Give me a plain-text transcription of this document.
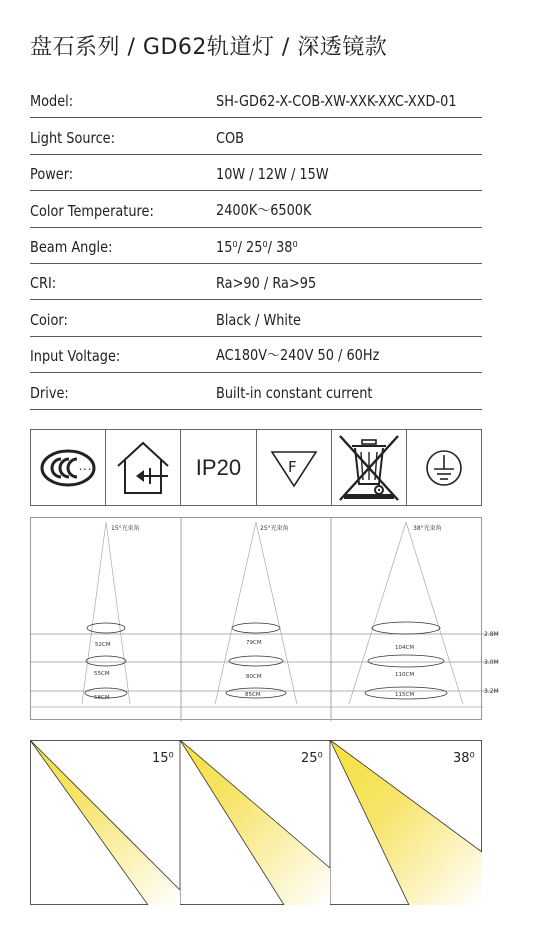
盘石系列 / GD62轨道灯 / 深透镜款
Model:	SH-GD62-X-COB-XW-XXK-XXC-XXD-01
Light Source:	COB
Power:	10W / 12W / 15W
Color Temperature:	2400K～6500K
Beam Angle:	15⁰/ 25⁰/ 38⁰
CRI:	Ra>90 / Ra>95
Coior:	Black / White
Input Voltage:	AC180V～240V 50 / 60Hz
Drive:	Built-in constant current
• • •	IP20	F
15°光束角	25°光束角	38°光束角
52CM
55CM
58CM
79CM
80CM
85CM
104CM
110CM
115CM
2.8M
3.0M
3.2M
15⁰	25⁰	38⁰
